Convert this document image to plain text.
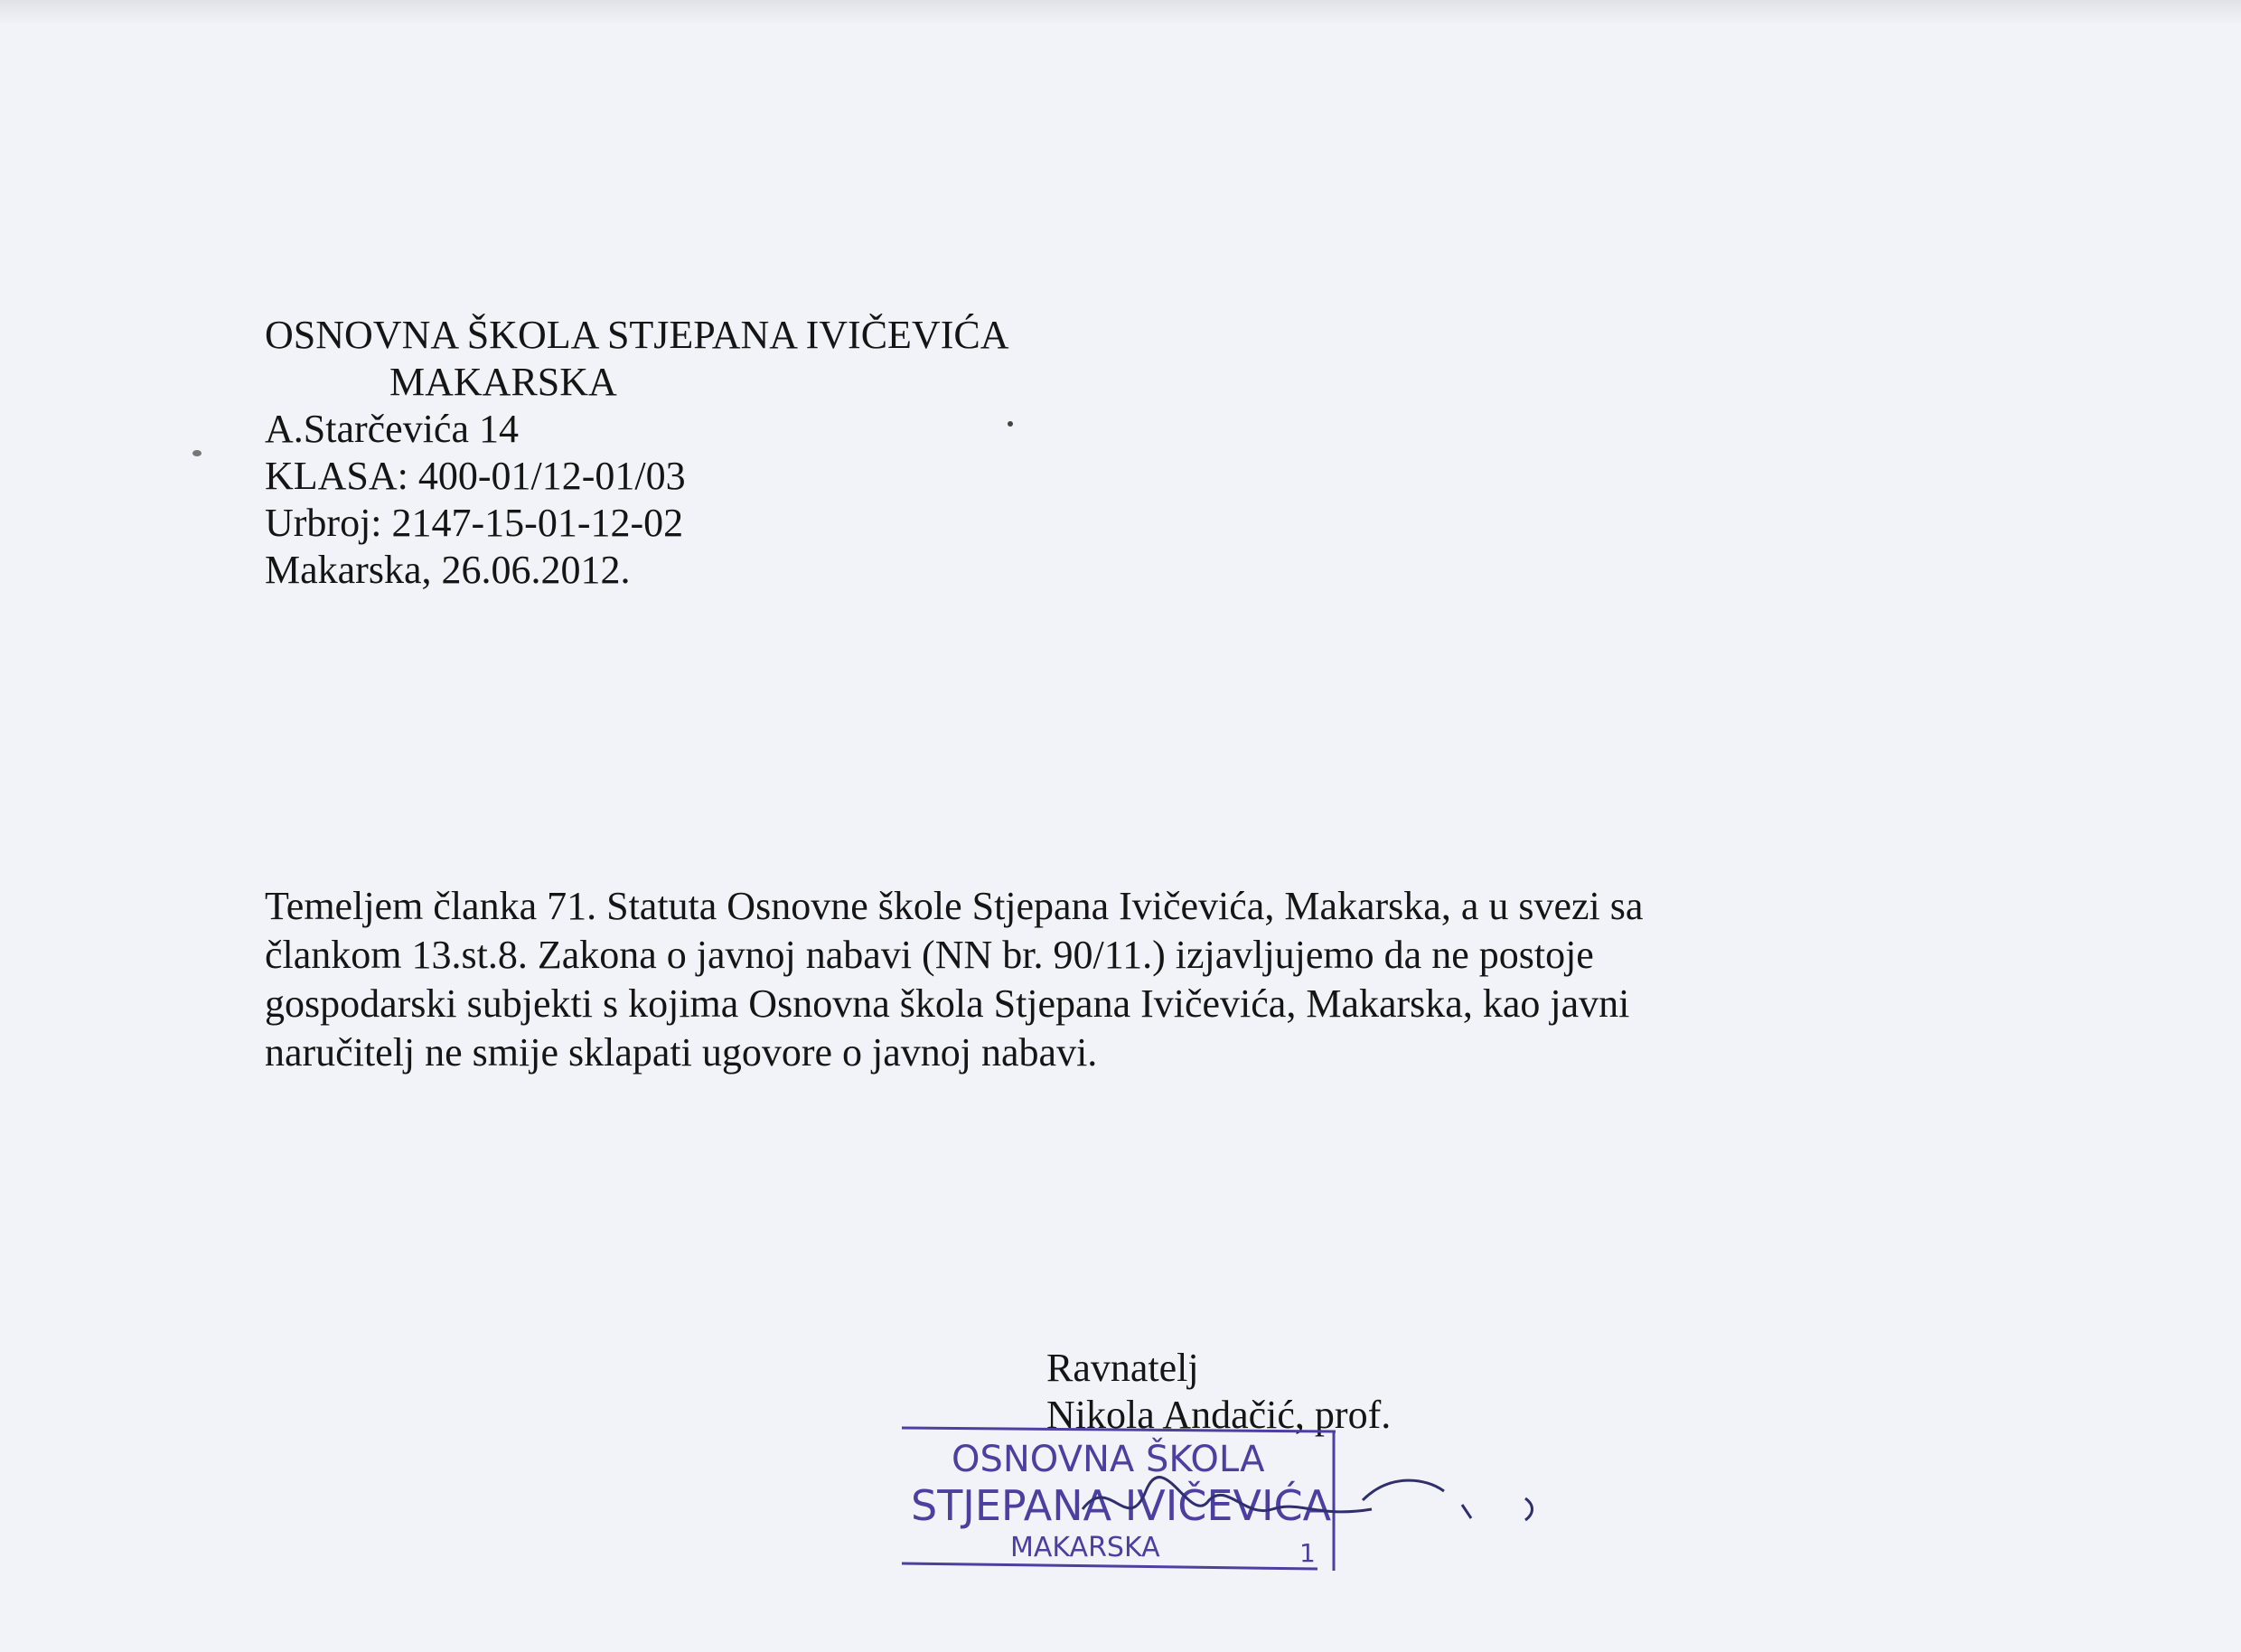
OSNOVNA ŠKOLA STJEPANA IVIČEVIĆA
MAKARSKA
A.Starčevića 14
KLASA: 400-01/12-01/03
Urbroj: 2147-15-01-12-02
Makarska, 26.06.2012.
Temeljem članka 71. Statuta Osnovne škole Stjepana Ivičevića, Makarska, a u svezi sa
člankom 13.st.8. Zakona o javnoj nabavi (NN br. 90/11.) izjavljujemo da ne postoje
gospodarski subjekti s kojima Osnovna škola Stjepana Ivičevića, Makarska, kao javni
naručitelj ne smije sklapati ugovore o javnoj nabavi.
Ravnatelj
Nikola Andačić, prof.
OSNOVNA ŠKOLA
STJEPANA IVIČEVIĆA
MAKARSKA	1
